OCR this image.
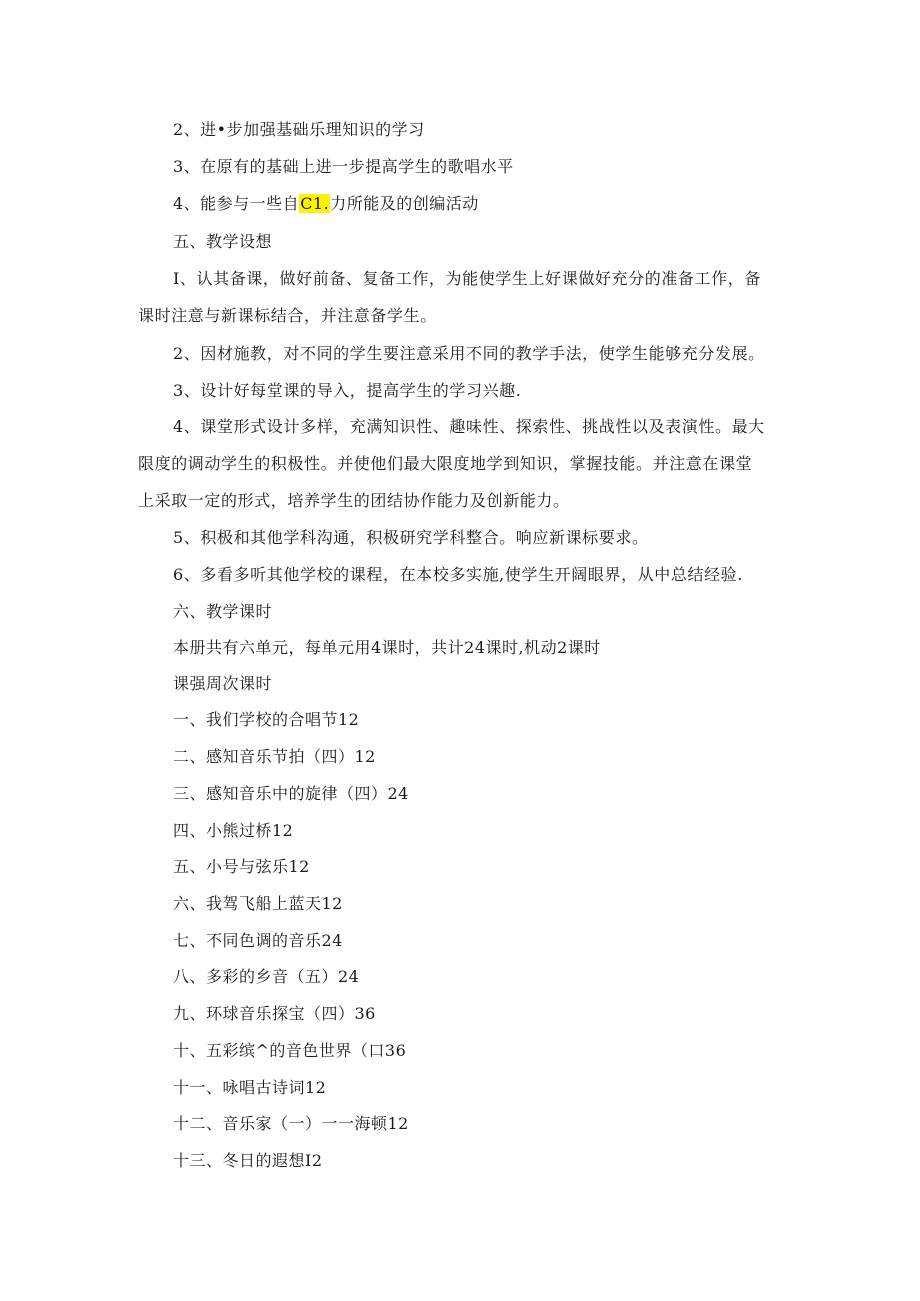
2、进•步加强基础乐理知识的学习
3、在原有的基础上进一步提高学生的歌唱水平
4、能参与一些自C1.力所能及的创编活动
五、教学设想
I、认其备课，做好前备、复备工作，为能使学生上好课做好充分的准备工作，备
课时注意与新课标结合，并注意备学生。
2、因材施教，对不同的学生要注意采用不同的教学手法，使学生能够充分发展。
3、设计好每堂课的导入，提高学生的学习兴趣.
4、课堂形式设计多样，充满知识性、趣味性、探索性、挑战性以及表演性。最大
限度的调动学生的积极性。并使他们最大限度地学到知识，掌握技能。并注意在课堂
上采取一定的形式，培养学生的团结协作能力及创新能力。
5、积极和其他学科沟通，积极研究学科整合。响应新课标要求。
6、多看多听其他学校的课程，在本校多实施,使学生开阔眼界，从中总结经验.
六、教学课时
本册共有六单元，每单元用4课时，共计24课时,机动2课时
课强周次课时
一、我们学校的合唱节12
二、感知音乐节拍（四）12
三、感知音乐中的旋律（四）24
四、小熊过桥12
五、小号与弦乐12
六、我驾飞船上蓝天12
七、不同色调的音乐24
八、多彩的乡音（五）24
九、环球音乐探宝（四）36
十、五彩缤^的音色世界（口36
十一、咏唱古诗词12
十二、音乐家（一）一一海顿12
十三、冬日的遐想I2
